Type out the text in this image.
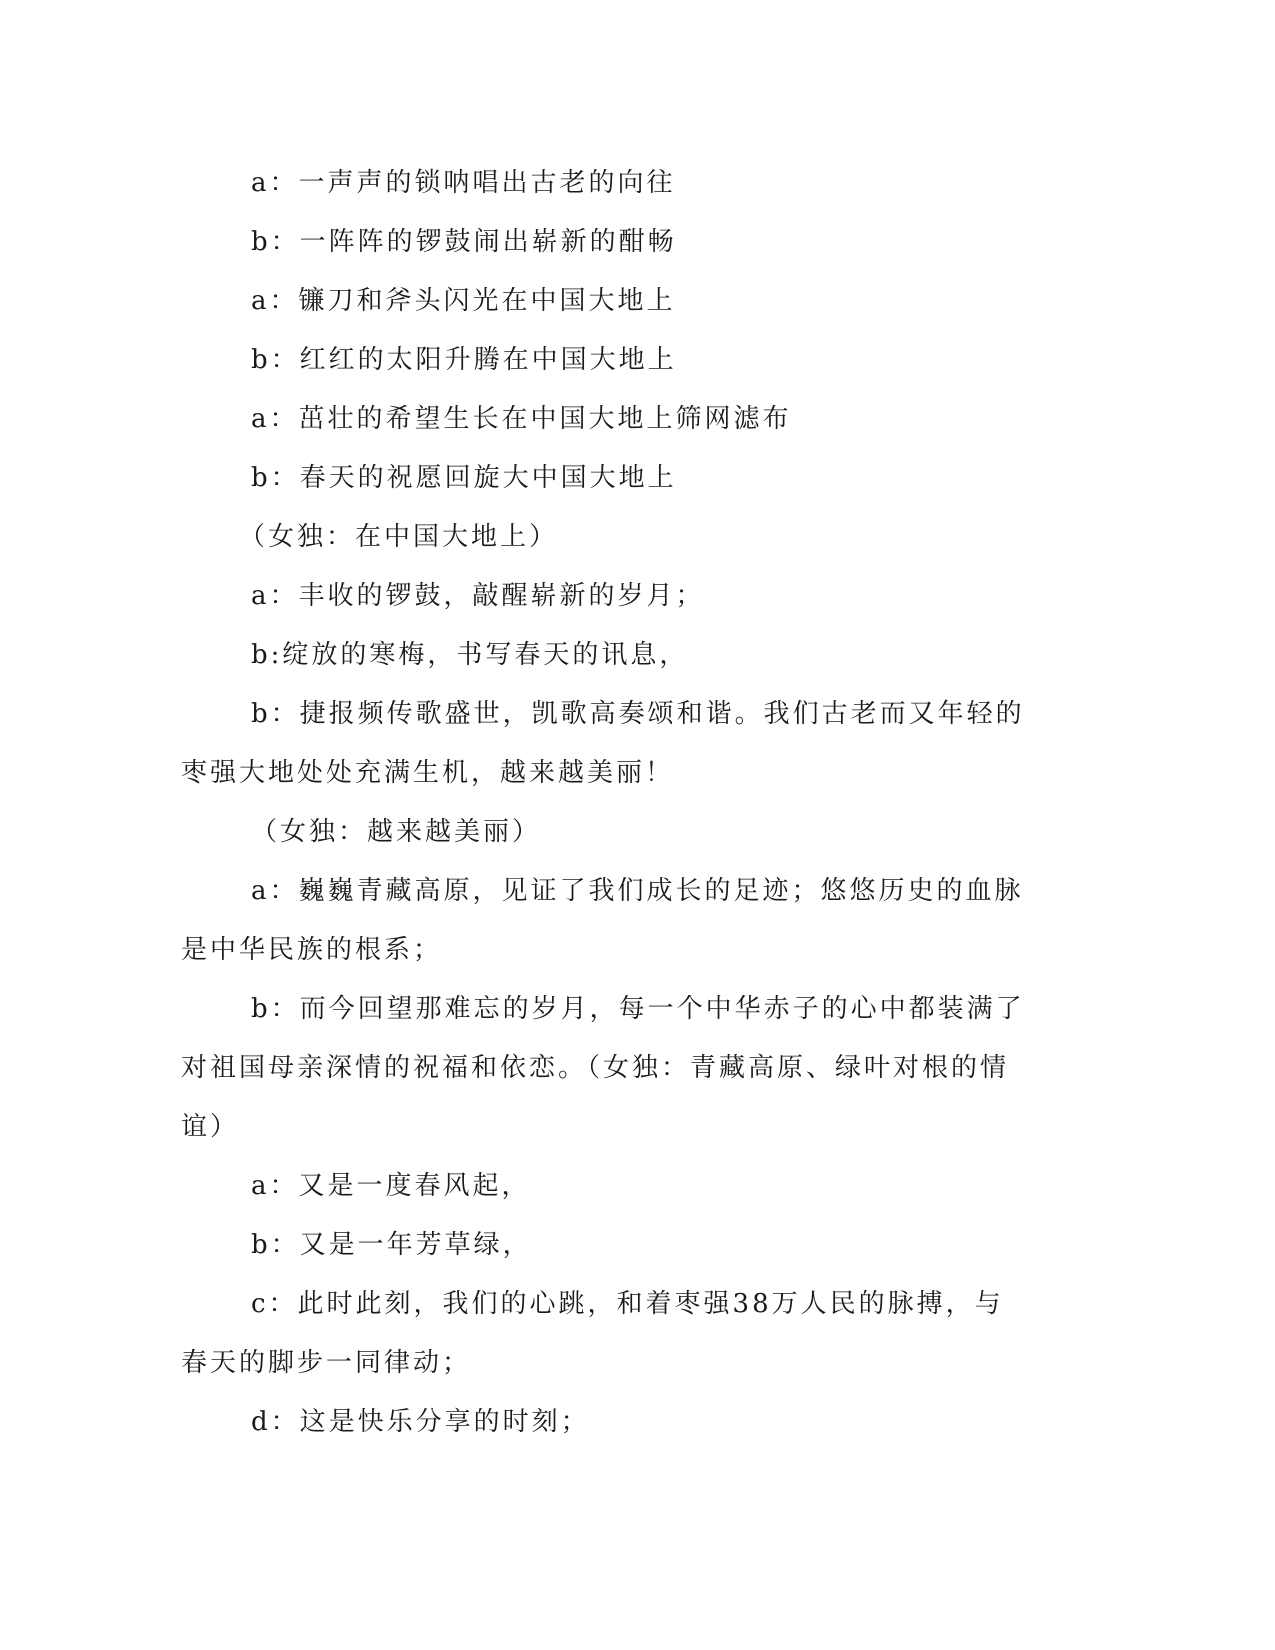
a：一声声的锁呐唱出古老的向往

b：一阵阵的锣鼓闹出崭新的酣畅

a：镰刀和斧头闪光在中国大地上

b：红红的太阳升腾在中国大地上

a：茁壮的希望生长在中国大地上筛网滤布

b：春天的祝愿回旋大中国大地上

（女独：在中国大地上）

a：丰收的锣鼓，敲醒崭新的岁月；

b:绽放的寒梅，书写春天的讯息，

b：捷报频传歌盛世，凯歌高奏颂和谐。我们古老而又年轻的枣强大地处处充满生机，越来越美丽！

（女独：越来越美丽）

a：巍巍青藏高原，见证了我们成长的足迹；悠悠历史的血脉是中华民族的根系；

b：而今回望那难忘的岁月，每一个中华赤子的心中都装满了对祖国母亲深情的祝福和依恋。（女独：青藏高原、绿叶对根的情谊）

a：又是一度春风起，

b：又是一年芳草绿，

c：此时此刻，我们的心跳，和着枣强38万人民的脉搏，与春天的脚步一同律动；

d：这是快乐分享的时刻；
